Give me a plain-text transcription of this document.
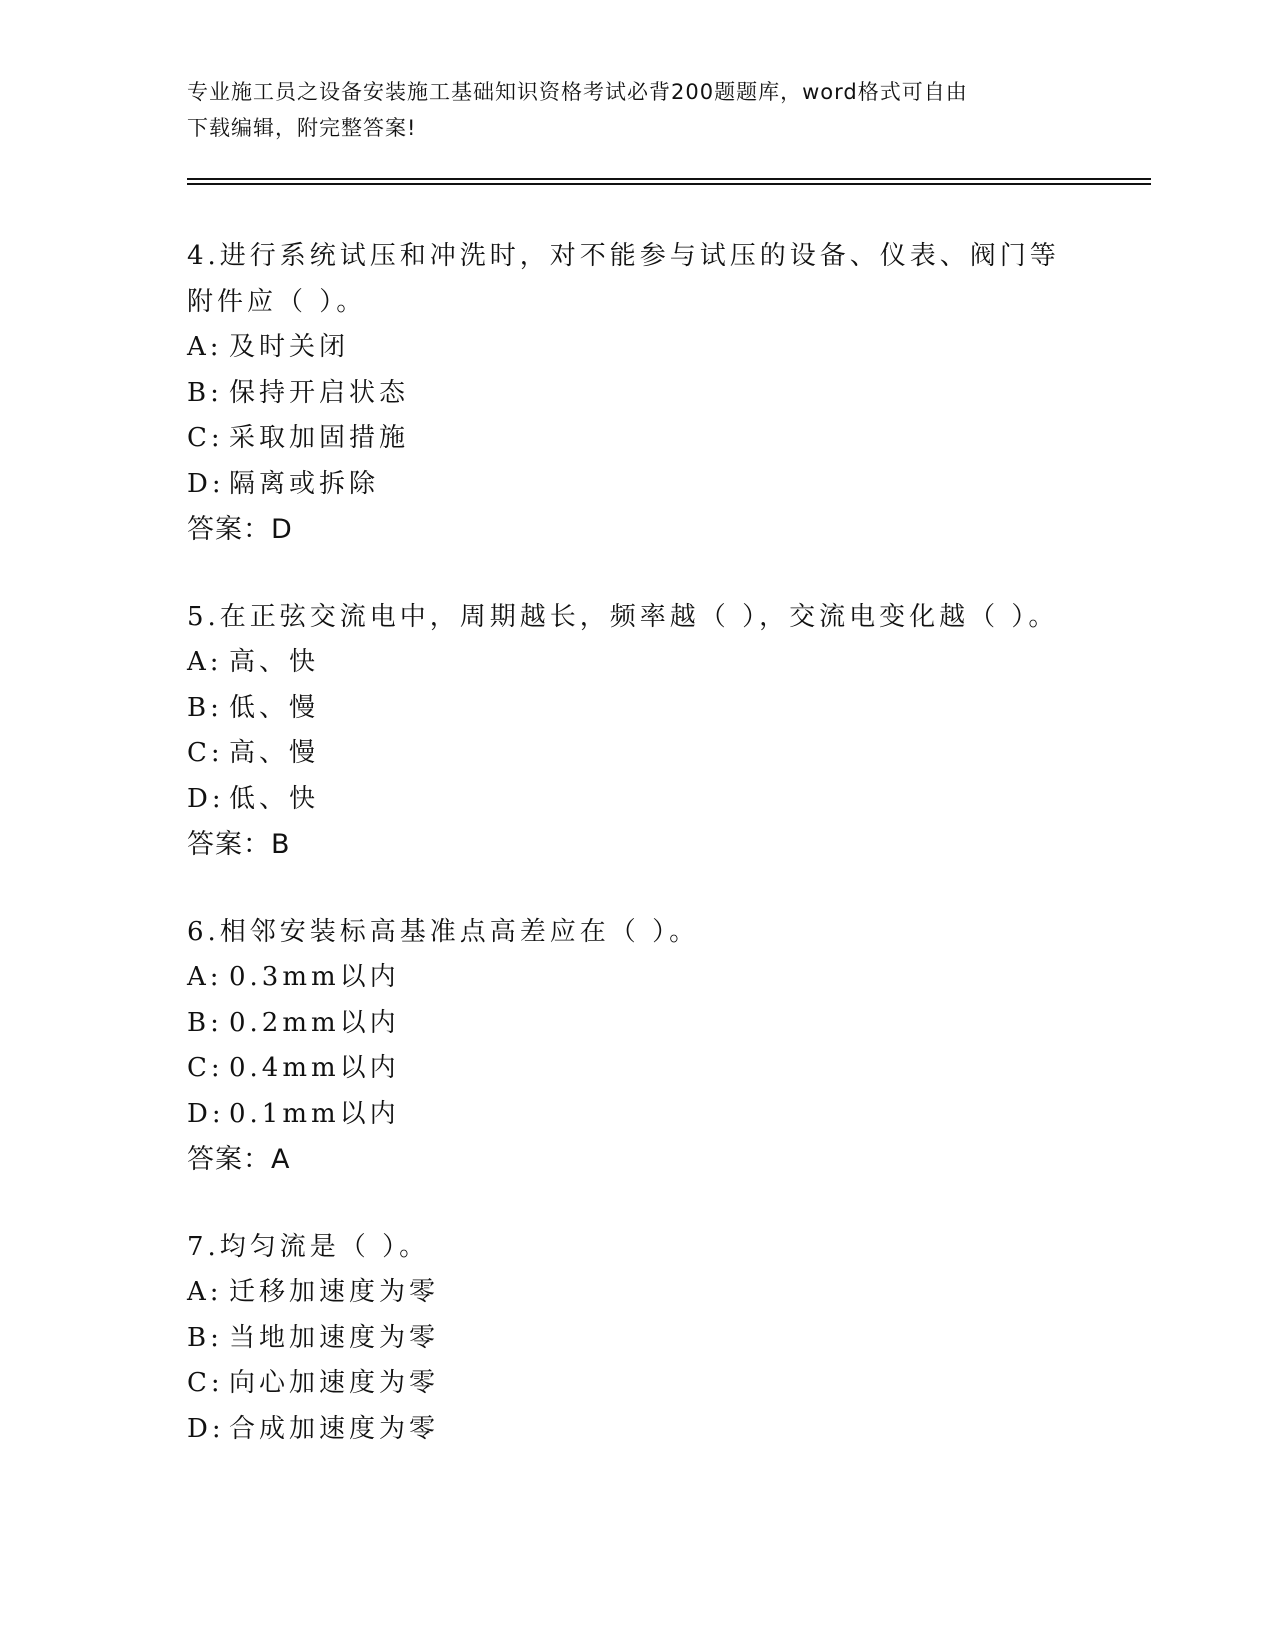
专业施工员之设备安装施工基础知识资格考试必背200题题库，word格式可自由
下载编辑，附完整答案!
4.进行系统试压和冲洗时，对不能参与试压的设备、仪表、阀门等附件应（ ）。
A: 及时关闭
B: 保持开启状态
C: 采取加固措施
D: 隔离或拆除
答案：D
5.在正弦交流电中，周期越长，频率越（ ），交流电变化越（ ）。
A: 高、快
B: 低、慢
C: 高、慢
D: 低、快
答案：B
6.相邻安装标高基准点高差应在（ ）。
A: 0.3mm以内
B: 0.2mm以内
C: 0.4mm以内
D: 0.1mm以内
答案：A
7.均匀流是（ ）。
A: 迁移加速度为零
B: 当地加速度为零
C: 向心加速度为零
D: 合成加速度为零
